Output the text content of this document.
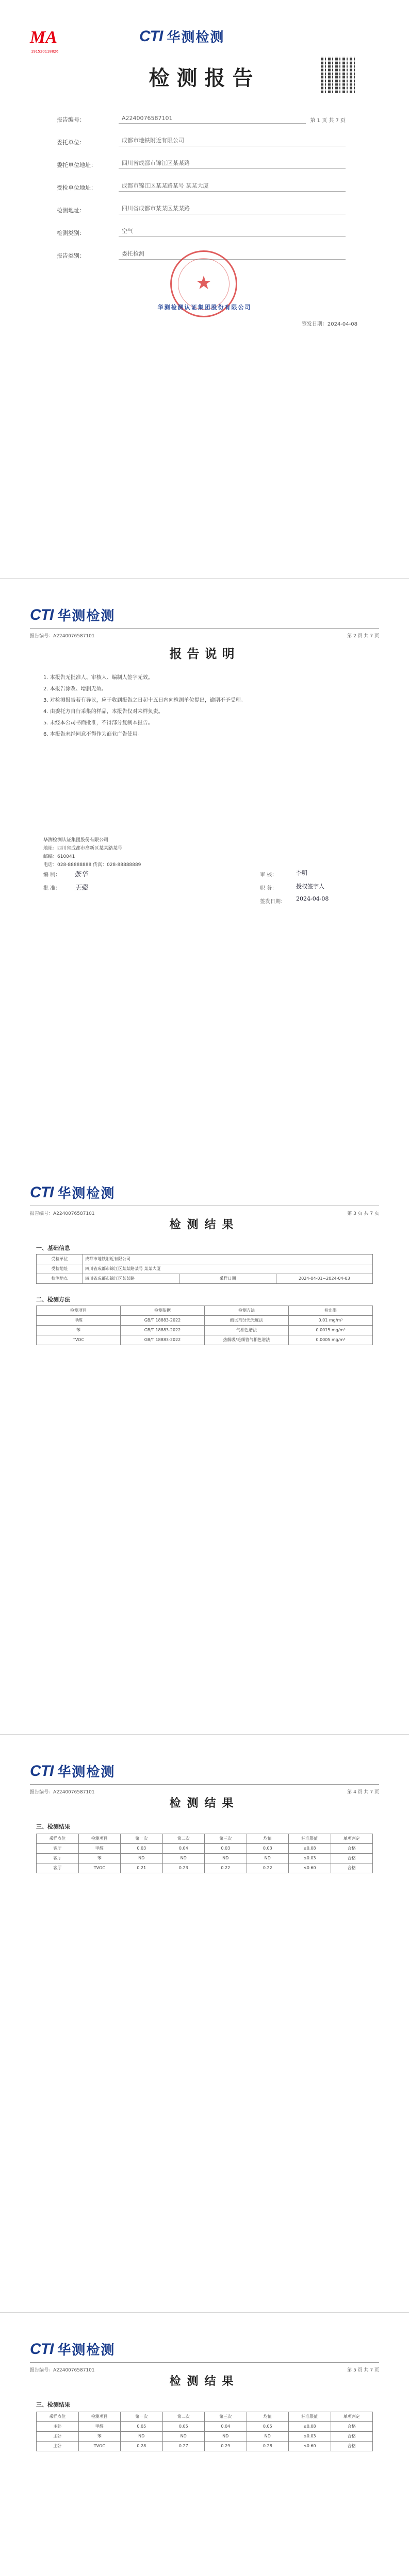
MA
191520118826
CTI 华测检测
检测报告
报告编号：	A2240076587101	第 1 页 共 7 页
委托单位：	成都市地铁附近有限公司
委托单位地址：	四川省成都市锦江区某某路
受检单位地址：	成都市锦江区某某路某号 某某大厦
检测地址：	四川省成都市某某区某某路
检测类别：	空气
报告类别：	委托检测
★
华测检测认证集团股份有限公司
签发日期：2024-04-08
CTI 华测检测
报告编号：A2240076587101	第 2 页 共 7 页
报告说明
1. 本报告无批准人、审核人、编制人签字无效。
2. 本报告涂改、增删无效。
3. 对检测报告若有异议，应于收到报告之日起十五日内向检测单位提出，逾期不予受理。
4. 由委托方自行采集的样品，本报告仅对来样负责。
5. 未经本公司书面批准，不得部分复制本报告。
6. 本报告未经同意不得作为商业广告使用。
华测检测认证集团股份有限公司
地址：四川省成都市高新区某某路某号
邮编：610041
电话：028-88888888 传真：028-88888889
编 制： 张华	审 核：	李明
批 准： 王强	职 务：	授权签字人
签发日期： 2024-04-08
CTI 华测检测
报告编号：A2240076587101	第 3 页 共 7 页
检测结果
一、基础信息
受检单位	成都市地铁附近有限公司		
受检地址	四川省成都市锦江区某某路某号 某某大厦		
检测地点	四川省成都市锦江区某某路	采样日期	2024-04-01~2024-04-03
二、检测方法
检测项目	检测依据	检测方法	检出限
甲醛	GB/T 18883-2022	酚试剂分光光度法	0.01 mg/m³
苯	GB/T 18883-2022	气相色谱法	0.0015 mg/m³
TVOC	GB/T 18883-2022	热解吸/毛细管气相色谱法	0.0005 mg/m³
CTI 华测检测
报告编号：A2240076587101	第 4 页 共 7 页
检测结果
三、检测结果
采样点位	检测项目	第一次	第二次	第三次	均值	标准限值	单项判定
客厅	甲醛	0.03	0.04	0.03	0.03	≤0.08	合格
客厅	苯	ND	ND	ND	ND	≤0.03	合格
客厅	TVOC	0.21	0.23	0.22	0.22	≤0.60	合格
CTI 华测检测
报告编号：A2240076587101	第 5 页 共 7 页
检测结果
三、检测结果
采样点位	检测项目	第一次	第二次	第三次	均值	标准限值	单项判定
主卧	甲醛	0.05	0.05	0.04	0.05	≤0.08	合格
主卧	苯	ND	ND	ND	ND	≤0.03	合格
主卧	TVOC	0.28	0.27	0.29	0.28	≤0.60	合格
